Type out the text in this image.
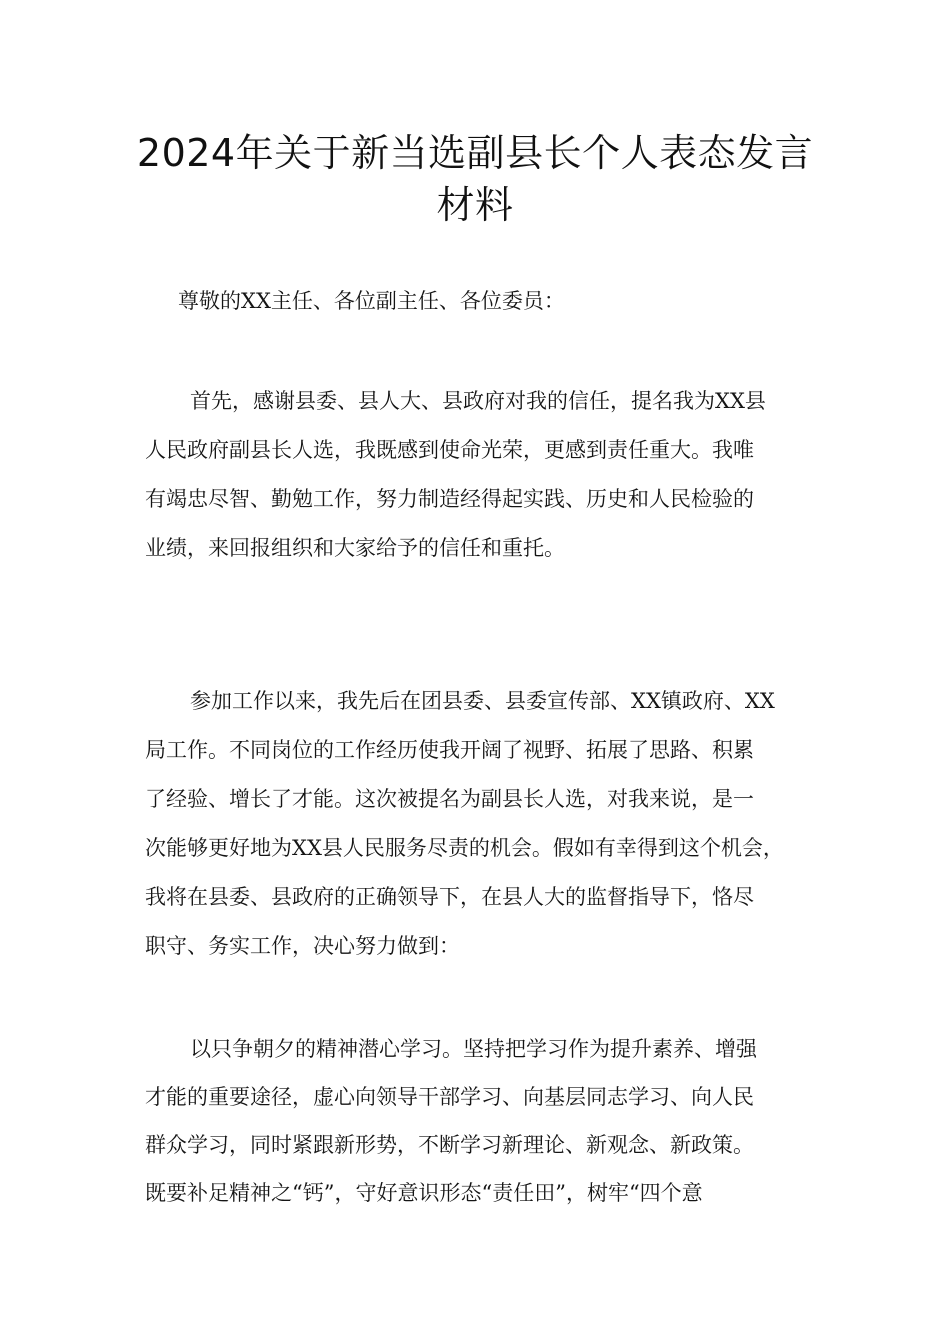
2024年关于新当选副县长个人表态发言
材料
尊敬的XX主任、各位副主任、各位委员：
首先，感谢县委、县人大、县政府对我的信任，提名我为XX县
人民政府副县长人选，我既感到使命光荣，更感到责任重大。我唯
有竭忠尽智、勤勉工作，努力制造经得起实践、历史和人民检验的
业绩，来回报组织和大家给予的信任和重托。
参加工作以来，我先后在团县委、县委宣传部、XX镇政府、XX
局工作。不同岗位的工作经历使我开阔了视野、拓展了思路、积累
了经验、增长了才能。这次被提名为副县长人选，对我来说，是一
次能够更好地为XX县人民服务尽责的机会。假如有幸得到这个机会，
我将在县委、县政府的正确领导下，在县人大的监督指导下，恪尽
职守、务实工作，决心努力做到：
以只争朝夕的精神潜心学习。坚持把学习作为提升素养、增强
才能的重要途径，虚心向领导干部学习、向基层同志学习、向人民
群众学习，同时紧跟新形势，不断学习新理论、新观念、新政策。
既要补足精神之“钙”，守好意识形态“责任田”，树牢“四个意
